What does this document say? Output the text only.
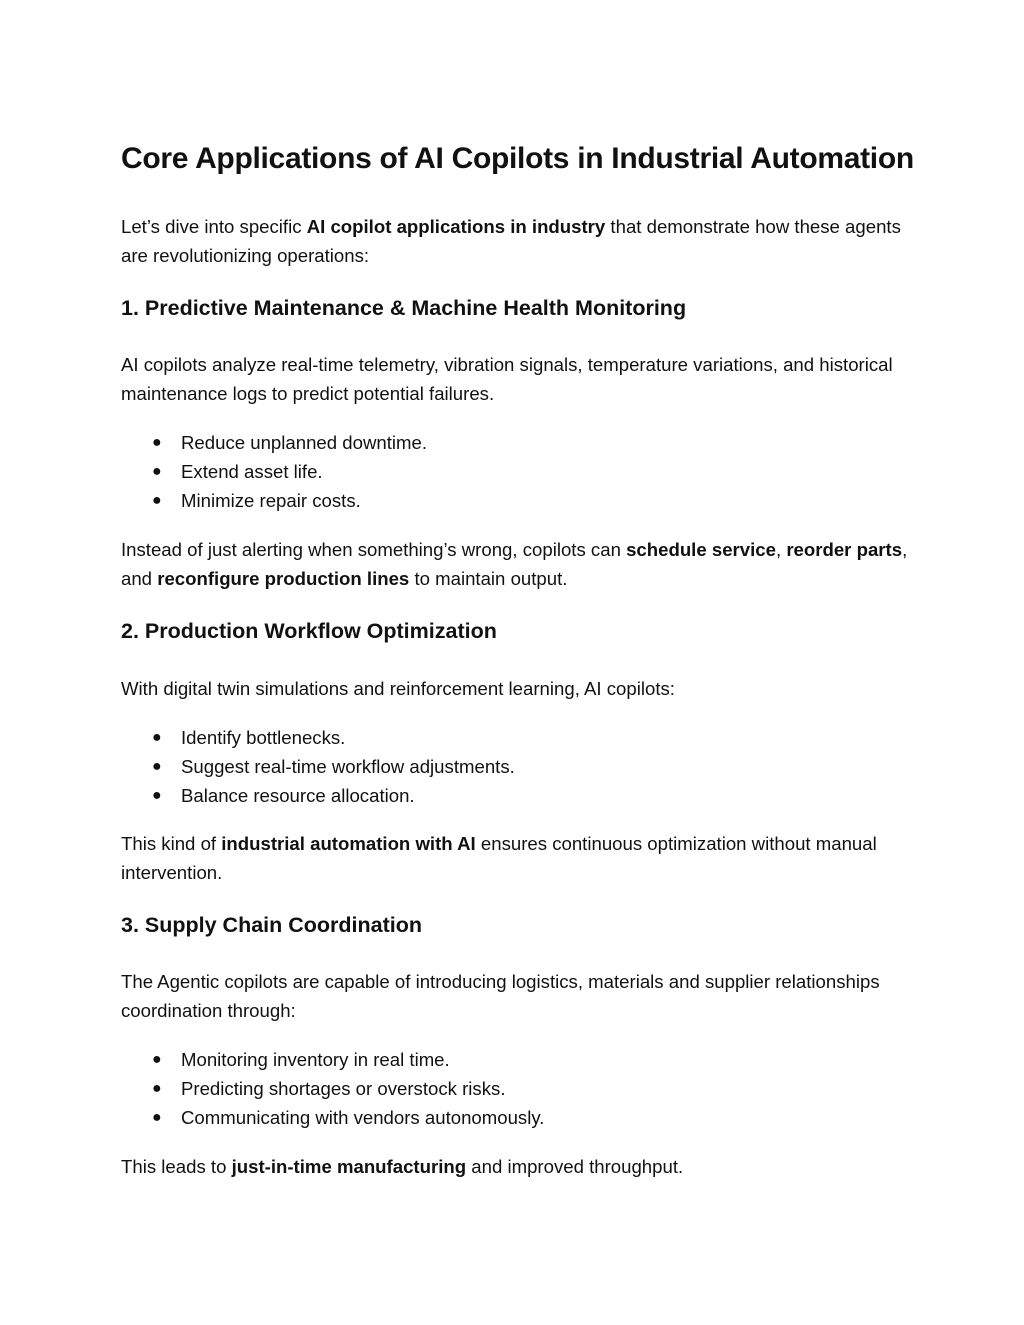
Core Applications of AI Copilots in Industrial Automation

Let’s dive into specific AI copilot applications in industry that demonstrate how these agents are revolutionizing operations:

1. Predictive Maintenance & Machine Health Monitoring

AI copilots analyze real-time telemetry, vibration signals, temperature variations, and historical maintenance logs to predict potential failures.

● Reduce unplanned downtime.
● Extend asset life.
● Minimize repair costs.

Instead of just alerting when something’s wrong, copilots can schedule service, reorder parts, and reconfigure production lines to maintain output.

2. Production Workflow Optimization

With digital twin simulations and reinforcement learning, AI copilots:

● Identify bottlenecks.
● Suggest real-time workflow adjustments.
● Balance resource allocation.

This kind of industrial automation with AI ensures continuous optimization without manual intervention.

3. Supply Chain Coordination

The Agentic copilots are capable of introducing logistics, materials and supplier relationships coordination through:

● Monitoring inventory in real time.
● Predicting shortages or overstock risks.
● Communicating with vendors autonomously.

This leads to just-in-time manufacturing and improved throughput.
